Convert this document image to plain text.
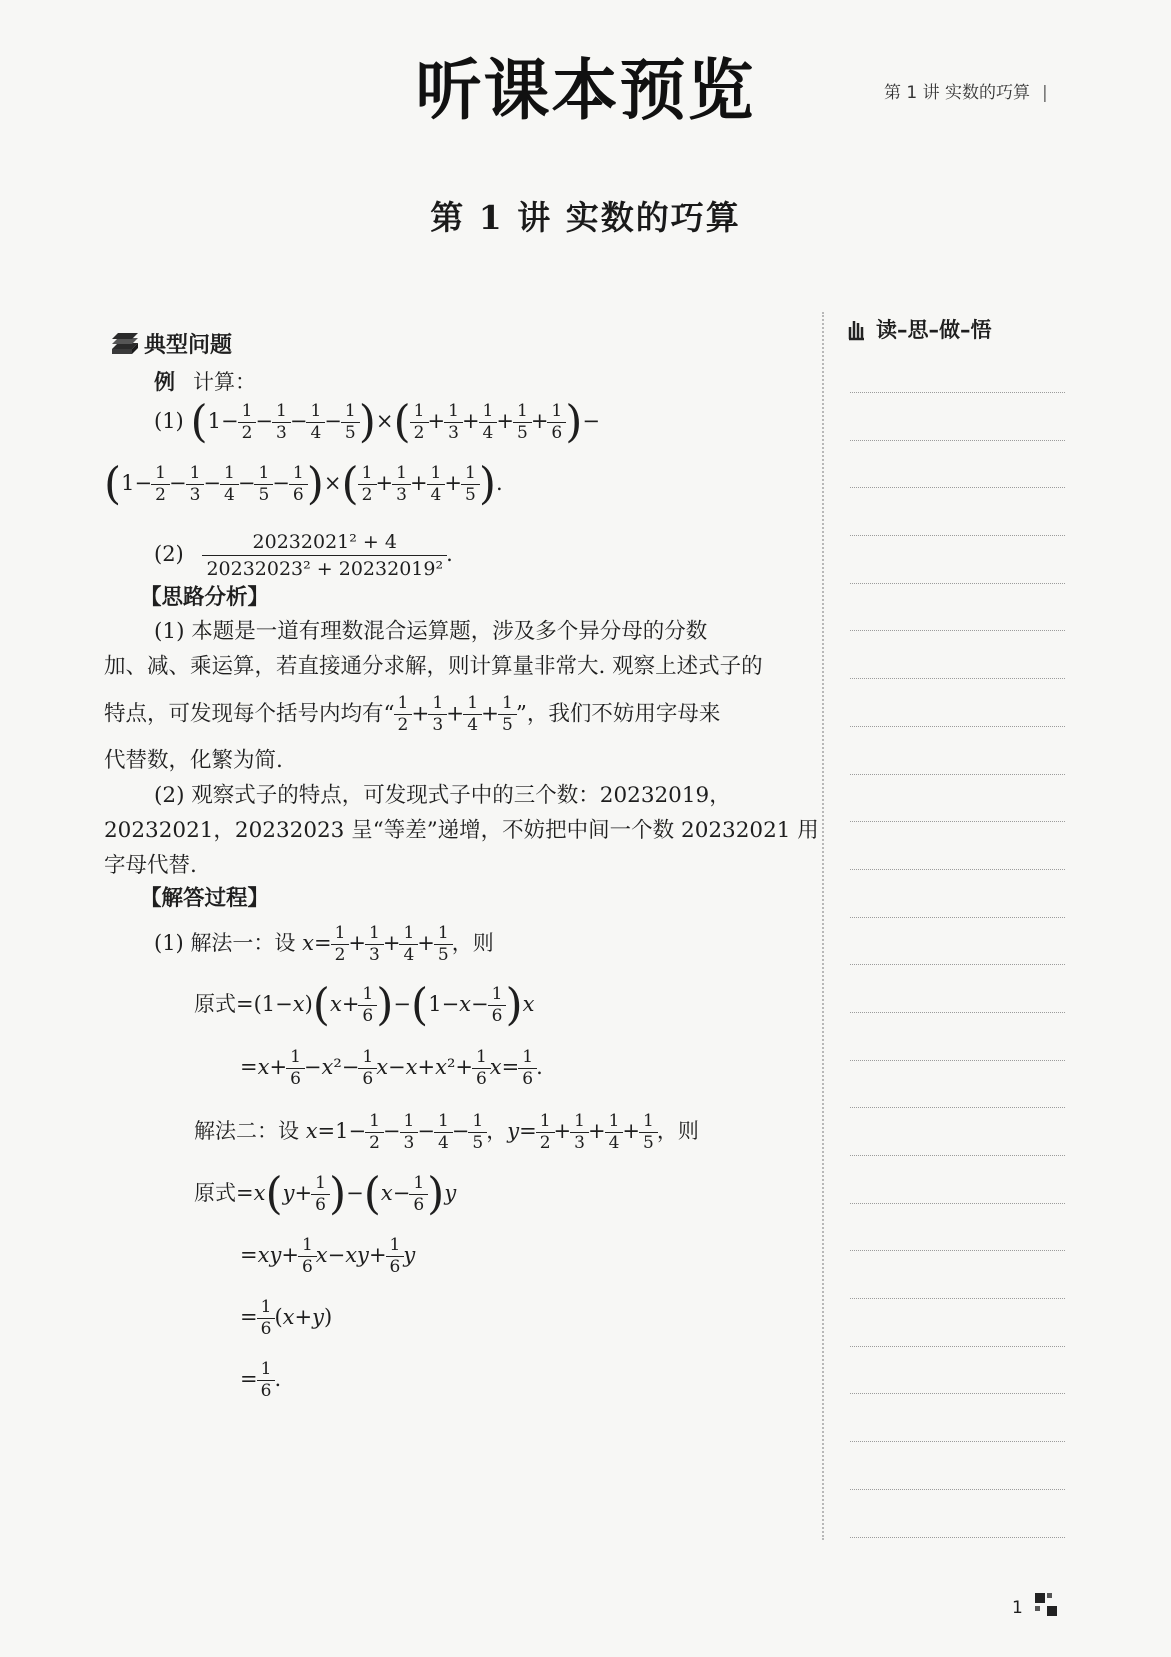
听课本预览	第 1 讲 实数的巧算 |
第 1 讲 实数的巧算
典型问题
读–思–做–悟
例 计算：
(1) ($1- \frac{1}{2} - \frac{1}{3} - \frac{1}{4} - \frac{1}{5}$ )×( $\frac{1}{2} + \frac{1}{3} + \frac{1}{4} + \frac{1}{5} + \frac{1}{6}$ )−
($1- \frac{1}{2} - \frac{1}{3} - \frac{1}{4} - \frac{1}{5} - \frac{1}{6}$ )×( $\frac{1}{2} + \frac{1}{3} + \frac{1}{4} + \frac{1}{5}$ ).
$(2) \frac{\text{20232021² + 4}}{\text{20232023² + 20232019²}}$ .
【思路分析】
(1) 本题是一道有理数混合运算题，涉及多个异分母的分数
加、减、乘运算，若直接通分求解，则计算量非常大. 观察上述式子的
特点，可发现每个括号内均有“ $\frac{1}{2} + \frac{1}{3} + \frac{1}{4} + \frac{1}{5}$ ”，我们不妨用字母来
代替数，化繁为简.
(2) 观察式子的特点，可发现式子中的三个数：20232019，
20232021，20232023 呈“等差”递增，不妨把中间一个数 20232021 用
字母代替.
【解答过程】
(1) 解法一：设 $x= \frac{1}{2} + \frac{1}{3} + \frac{1}{4} + \frac{1}{5}$ ，则
原式$=(1-x)(x+ \frac{1}{6} )-(1-x- \frac{1}{6} )x$
$=x+ \frac{1}{6} -x^2- \frac{1}{6} x-x+x^2+ \frac{1}{6} x= \frac{1}{6}$ .
解法二：设 $x=1- \frac{1}{2} - \frac{1}{3} - \frac{1}{4} - \frac{1}{5}$ ，$y= \frac{1}{2} + \frac{1}{3} + \frac{1}{4} + \frac{1}{5}$ ，则
原式$=x(y+ \frac{1}{6} )-(x- \frac{1}{6} )y$
$=xy+ \frac{1}{6} x-xy+ \frac{1}{6}$ y
= $\frac{1}{6} (x+y)$
= $\frac{1}{6}$ .
1
